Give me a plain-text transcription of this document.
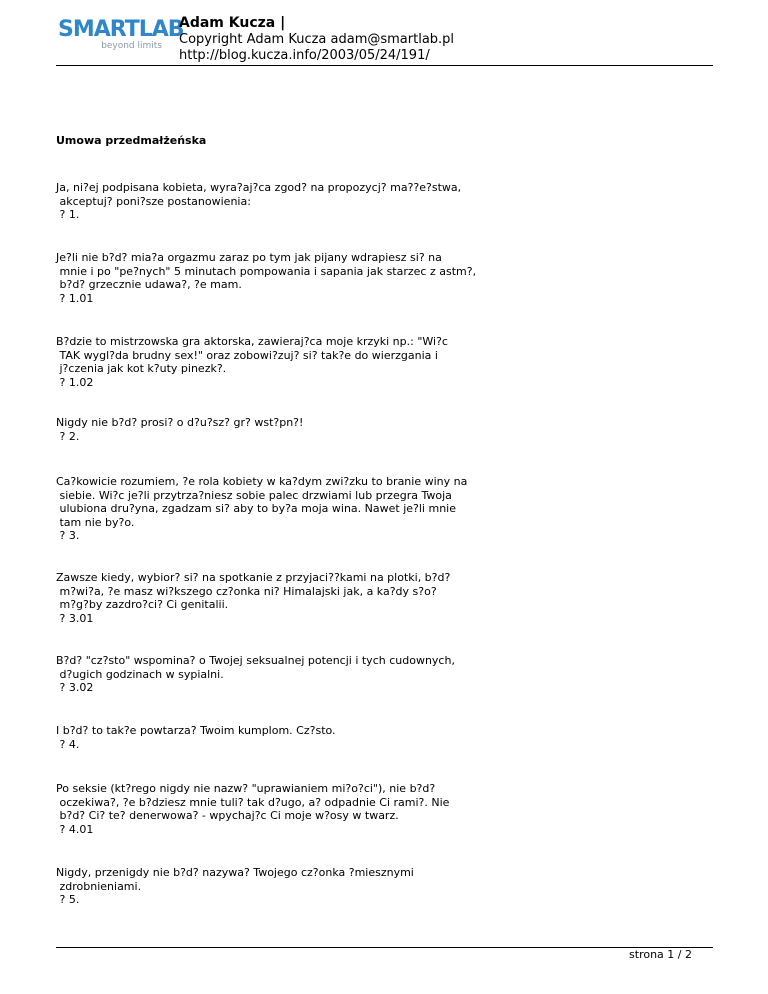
SMARTLAB
beyond limits
Adam Kucza |
Copyright Adam Kucza adam@smartlab.pl
http://blog.kucza.info/2003/05/24/191/
Umowa przedmałżeńska
Ja, ni?ej podpisana kobieta, wyra?aj?ca zgod? na propozycj? ma??e?stwa,
akceptuj? poni?sze postanowienia:
? 1.
Je?li nie b?d? mia?a orgazmu zaraz po tym jak pijany wdrapiesz si? na
mnie i po "pe?nych" 5 minutach pompowania i sapania jak starzec z astm?,
b?d? grzecznie udawa?, ?e mam.
? 1.01
B?dzie to mistrzowska gra aktorska, zawieraj?ca moje krzyki np.: "Wi?c
TAK wygl?da brudny sex!" oraz zobowi?zuj? si? tak?e do wierzgania i
j?czenia jak kot k?uty pinezk?.
? 1.02
Nigdy nie b?d? prosi? o d?u?sz? gr? wst?pn?!
? 2.
Ca?kowicie rozumiem, ?e rola kobiety w ka?dym zwi?zku to branie winy na
siebie. Wi?c je?li przytrza?niesz sobie palec drzwiami lub przegra Twoja
ulubiona dru?yna, zgadzam si? aby to by?a moja wina. Nawet je?li mnie
tam nie by?o.
? 3.
Zawsze kiedy, wybior? si? na spotkanie z przyjaci??kami na plotki, b?d?
m?wi?a, ?e masz wi?kszego cz?onka ni? Himalajski jak, a ka?dy s?o?
m?g?by zazdro?ci? Ci genitalii.
? 3.01
B?d? "cz?sto" wspomina? o Twojej seksualnej potencji i tych cudownych,
d?ugich godzinach w sypialni.
? 3.02
I b?d? to tak?e powtarza? Twoim kumplom. Cz?sto.
? 4.
Po seksie (kt?rego nigdy nie nazw? "uprawianiem mi?o?ci"), nie b?d?
oczekiwa?, ?e b?dziesz mnie tuli? tak d?ugo, a? odpadnie Ci rami?. Nie
b?d? Ci? te? denerwowa? - wpychaj?c Ci moje w?osy w twarz.
? 4.01
Nigdy, przenigdy nie b?d? nazywa? Twojego cz?onka ?miesznymi
zdrobnieniami.
? 5.
strona 1 / 2
